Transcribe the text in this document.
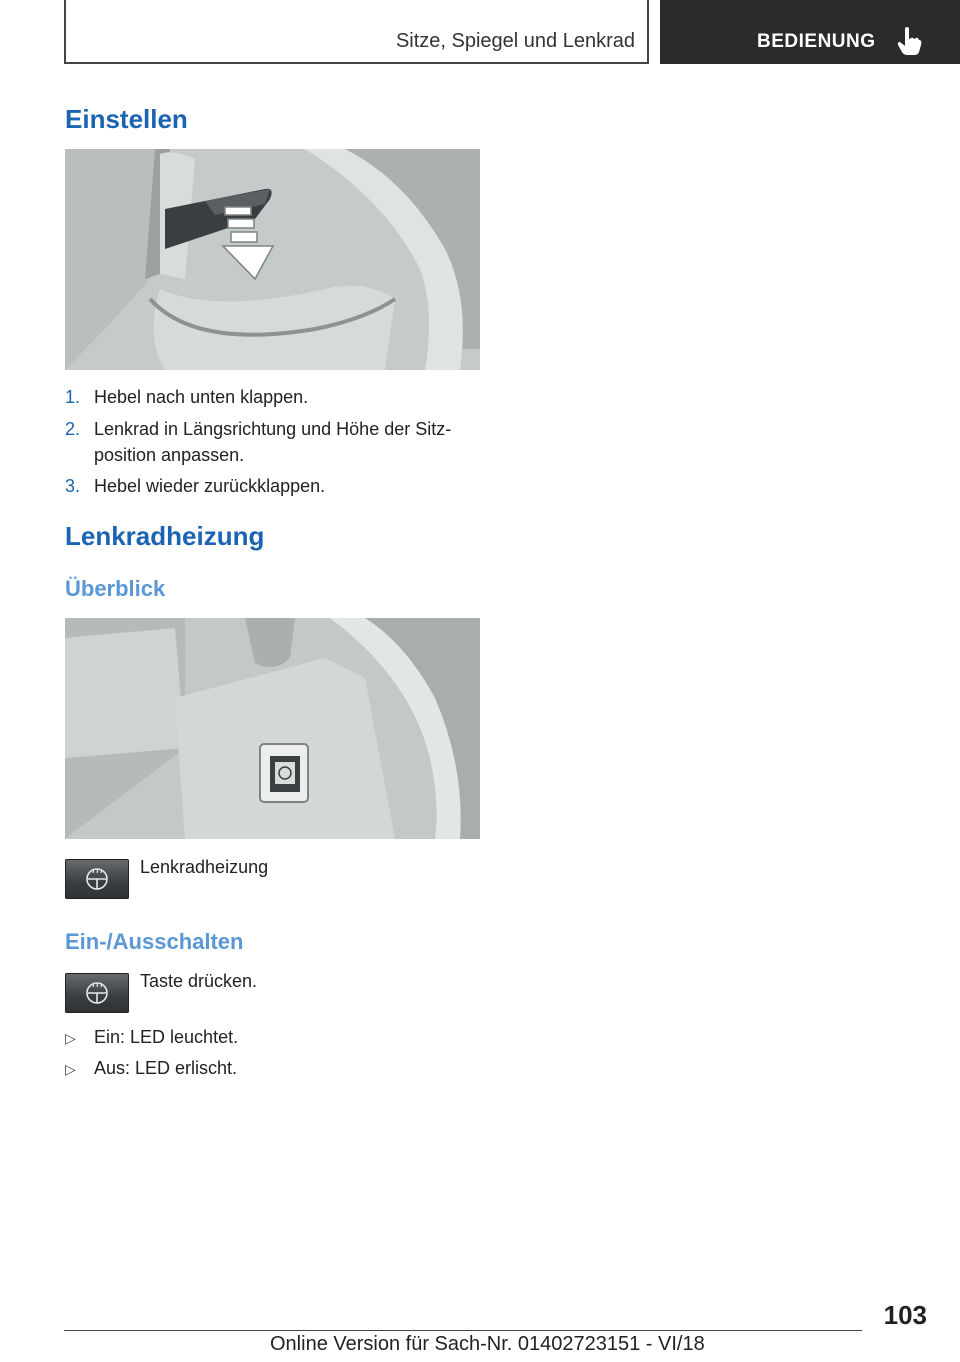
Sitze, Spiegel und Lenkrad	BEDIENUNG
Einstellen
1. Hebel nach unten klappen.
2. Lenkrad in Längsrichtung und Höhe der Sitz-position anpassen.
3. Hebel wieder zurückklappen.
Lenkradheizung
Überblick
Lenkradheizung
Ein-/Ausschalten
Taste drücken.
▷ Ein: LED leuchtet.
▷ Aus: LED erlischt.
103
Online Version für Sach-Nr. 01402723151 - VI/18
